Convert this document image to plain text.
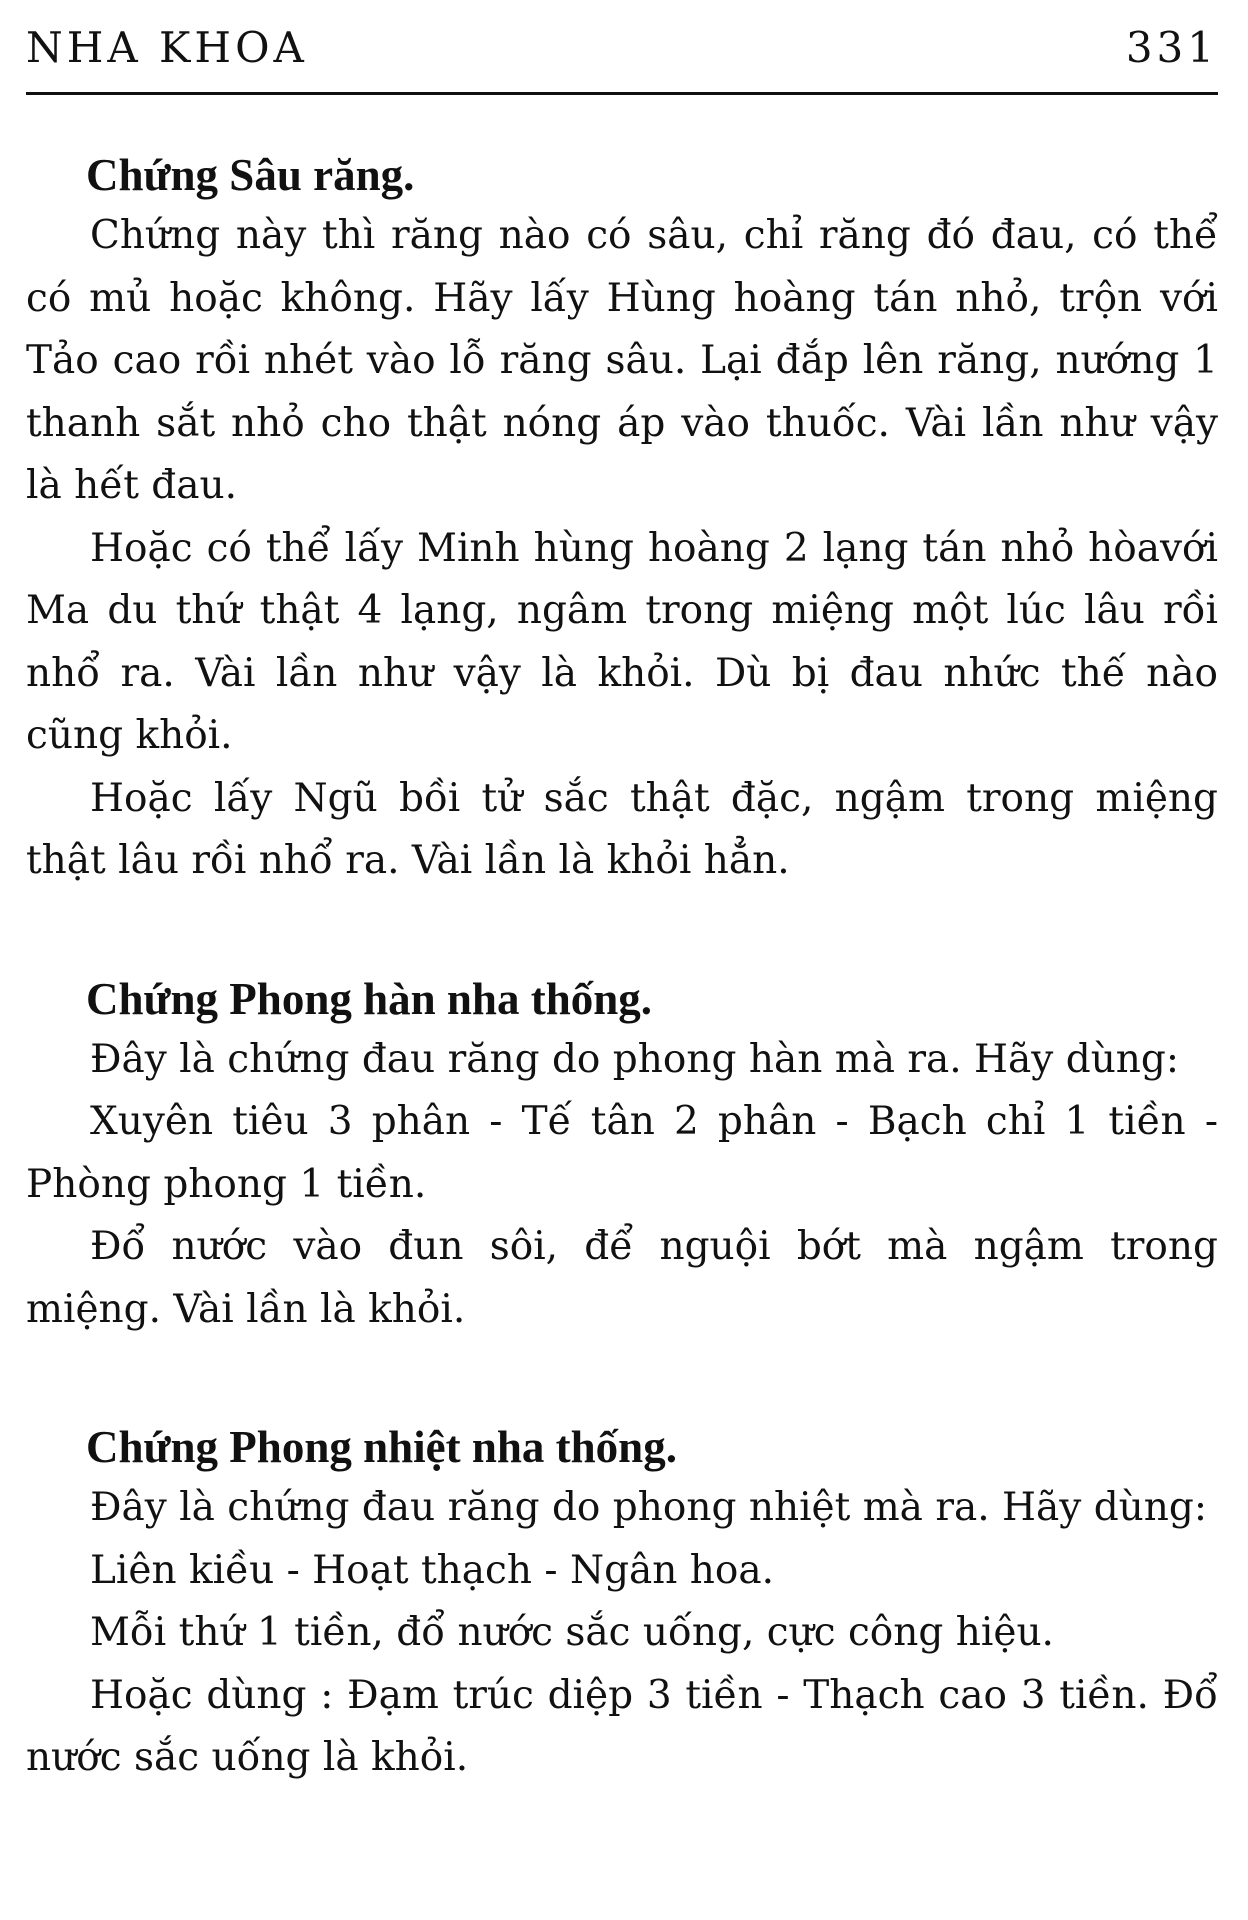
NHA KHOA	331

Chứng Sâu răng.

Chứng này thì răng nào có sâu, chỉ răng đó đau, có thể có mủ hoặc không. Hãy lấy Hùng hoàng tán nhỏ, trộn với Tảo cao rồi nhét vào lỗ răng sâu. Lại đắp lên răng, nướng 1 thanh sắt nhỏ cho thật nóng áp vào thuốc. Vài lần như vậy là hết đau.

Hoặc có thể lấy Minh hùng hoàng 2 lạng tán nhỏ hòavới Ma du thứ thật 4 lạng, ngâm trong miệng một lúc lâu rồi nhổ ra. Vài lần như vậy là khỏi. Dù bị đau nhức thế nào cũng khỏi.

Hoặc lấy Ngũ bồi tử sắc thật đặc, ngậm trong miệng thật lâu rồi nhổ ra. Vài lần là khỏi hẳn.

Chứng Phong hàn nha thống.

Đây là chứng đau răng do phong hàn mà ra. Hãy dùng:

Xuyên tiêu 3 phân - Tế tân 2 phân - Bạch chỉ 1 tiền - Phòng phong 1 tiền.

Đổ nước vào đun sôi, để nguội bớt mà ngậm trong miệng. Vài lần là khỏi.

Chứng Phong nhiệt nha thống.

Đây là chứng đau răng do phong nhiệt mà ra. Hãy dùng:

Liên kiều - Hoạt thạch - Ngân hoa.

Mỗi thứ 1 tiền, đổ nước sắc uống, cực công hiệu.

Hoặc dùng : Đạm trúc diệp 3 tiền - Thạch cao 3 tiền. Đổ nước sắc uống là khỏi.
